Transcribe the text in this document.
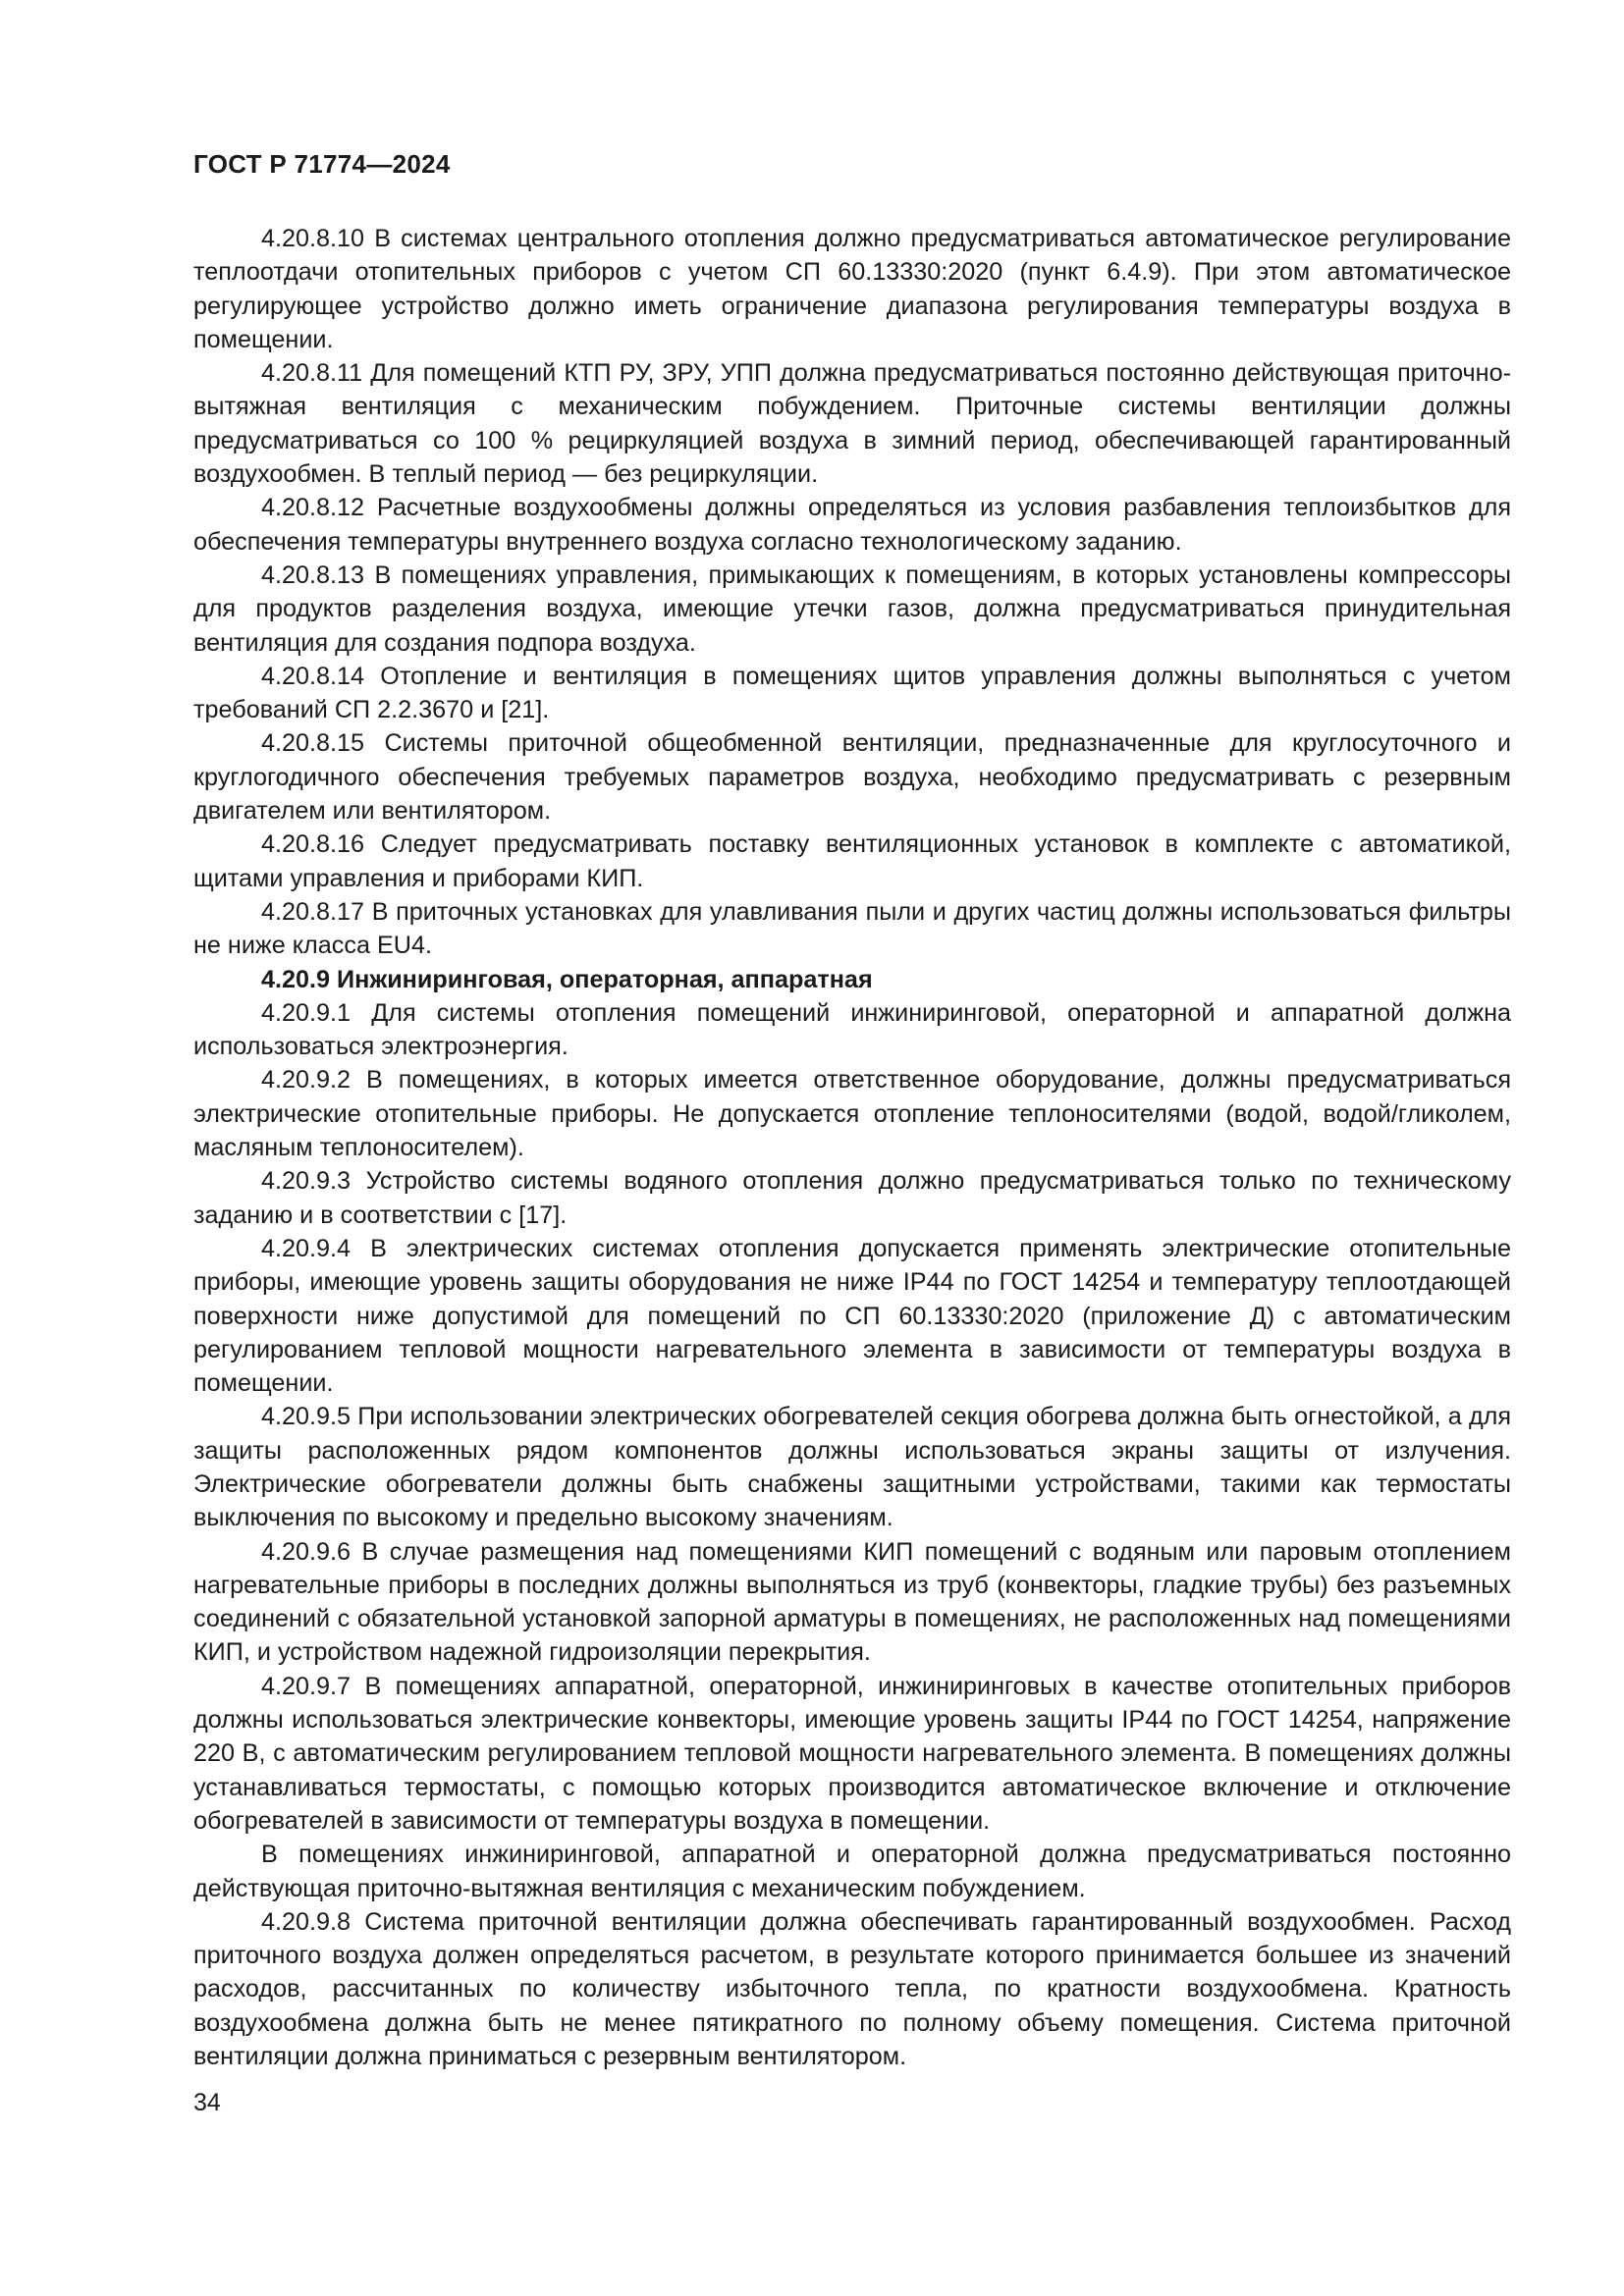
ГОСТ Р 71774—2024

4.20.8.10 В системах центрального отопления должно предусматриваться автоматическое регулирование теплоотдачи отопительных приборов с учетом СП 60.13330:2020 (пункт 6.4.9). При этом автоматическое регулирующее устройство должно иметь ограничение диапазона регулирования температуры воздуха в помещении.

4.20.8.11 Для помещений КТП РУ, ЗРУ, УПП должна предусматриваться постоянно действующая приточно-вытяжная вентиляция с механическим побуждением. Приточные системы вентиляции должны предусматриваться со 100 % рециркуляцией воздуха в зимний период, обеспечивающей гарантированный воздухообмен. В теплый период — без рециркуляции.

4.20.8.12 Расчетные воздухообмены должны определяться из условия разбавления теплоизбытков для обеспечения температуры внутреннего воздуха согласно технологическому заданию.

4.20.8.13 В помещениях управления, примыкающих к помещениям, в которых установлены компрессоры для продуктов разделения воздуха, имеющие утечки газов, должна предусматриваться принудительная вентиляция для создания подпора воздуха.

4.20.8.14 Отопление и вентиляция в помещениях щитов управления должны выполняться с учетом требований СП 2.2.3670 и [21].

4.20.8.15 Системы приточной общеобменной вентиляции, предназначенные для круглосуточного и круглогодичного обеспечения требуемых параметров воздуха, необходимо предусматривать с резервным двигателем или вентилятором.

4.20.8.16 Следует предусматривать поставку вентиляционных установок в комплекте с автоматикой, щитами управления и приборами КИП.

4.20.8.17 В приточных установках для улавливания пыли и других частиц должны использоваться фильтры не ниже класса EU4.

4.20.9 Инжиниринговая, операторная, аппаратная

4.20.9.1 Для системы отопления помещений инжиниринговой, операторной и аппаратной должна использоваться электроэнергия.

4.20.9.2 В помещениях, в которых имеется ответственное оборудование, должны предусматриваться электрические отопительные приборы. Не допускается отопление теплоносителями (водой, водой/гликолем, масляным теплоносителем).

4.20.9.3 Устройство системы водяного отопления должно предусматриваться только по техническому заданию и в соответствии с [17].

4.20.9.4 В электрических системах отопления допускается применять электрические отопительные приборы, имеющие уровень защиты оборудования не ниже IP44 по ГОСТ 14254 и температуру теплоотдающей поверхности ниже допустимой для помещений по СП 60.13330:2020 (приложение Д) с автоматическим регулированием тепловой мощности нагревательного элемента в зависимости от температуры воздуха в помещении.

4.20.9.5 При использовании электрических обогревателей секция обогрева должна быть огнестойкой, а для защиты расположенных рядом компонентов должны использоваться экраны защиты от излучения. Электрические обогреватели должны быть снабжены защитными устройствами, такими как термостаты выключения по высокому и предельно высокому значениям.

4.20.9.6 В случае размещения над помещениями КИП помещений с водяным или паровым отоплением нагревательные приборы в последних должны выполняться из труб (конвекторы, гладкие трубы) без разъемных соединений с обязательной установкой запорной арматуры в помещениях, не расположенных над помещениями КИП, и устройством надежной гидроизоляции перекрытия.

4.20.9.7 В помещениях аппаратной, операторной, инжиниринговых в качестве отопительных приборов должны использоваться электрические конвекторы, имеющие уровень защиты IP44 по ГОСТ 14254, напряжение 220 В, с автоматическим регулированием тепловой мощности нагревательного элемента. В помещениях должны устанавливаться термостаты, с помощью которых производится автоматическое включение и отключение обогревателей в зависимости от температуры воздуха в помещении.

В помещениях инжиниринговой, аппаратной и операторной должна предусматриваться постоянно действующая приточно-вытяжная вентиляция с механическим побуждением.

4.20.9.8 Система приточной вентиляции должна обеспечивать гарантированный воздухообмен. Расход приточного воздуха должен определяться расчетом, в результате которого принимается большее из значений расходов, рассчитанных по количеству избыточного тепла, по кратности воздухообмена. Кратность воздухообмена должна быть не менее пятикратного по полному объему помещения. Система приточной вентиляции должна приниматься с резервным вентилятором.

34
